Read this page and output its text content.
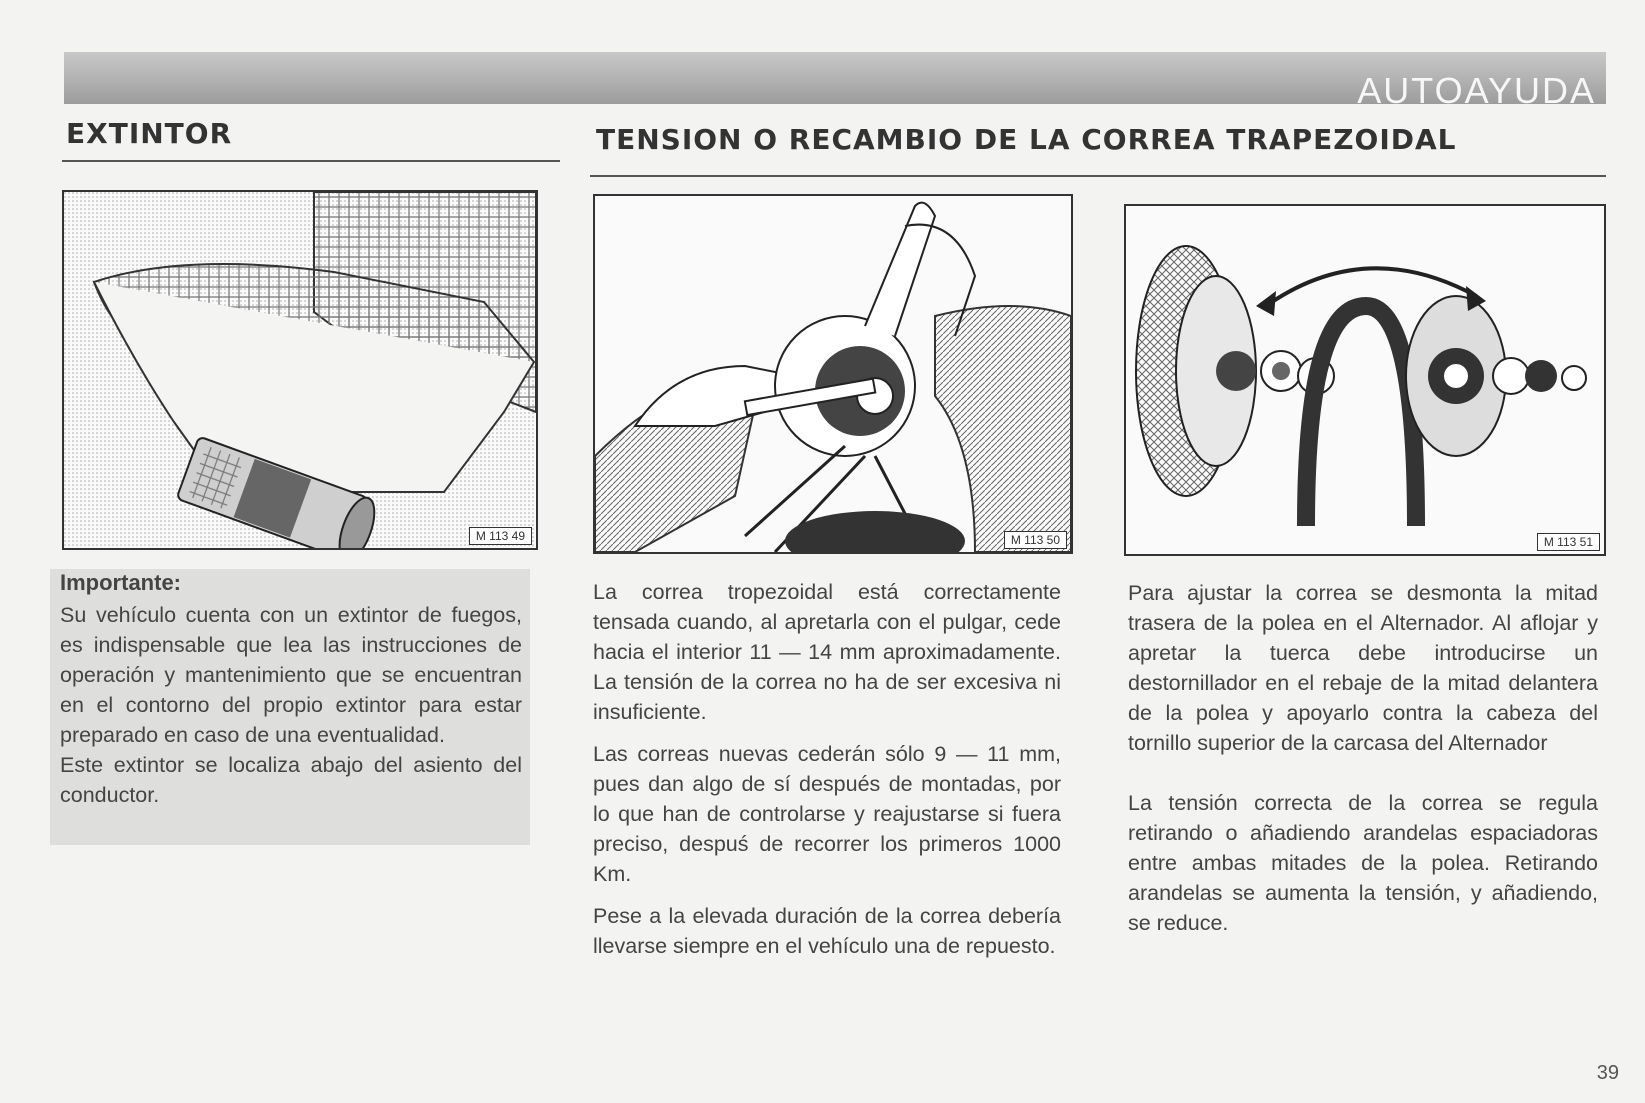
AUTOAYUDA
EXTINTOR	TENSION O RECAMBIO DE LA CORREA TRAPEZOIDAL
M 113 49	M 113 50	M 113 51
Importante:
Su vehículo cuenta con un extintor de fuegos, es indispensable que lea las instrucciones de operación y mantenimiento que se encuentran en el contorno del propio extintor para estar preparado en caso de una eventualidad.
Este extintor se localiza abajo del asiento del conductor.
La correa tropezoidal está correctamente tensada cuando, al apretarla con el pulgar, cede hacia el interior 11 — 14 mm aproximadamente. La tensión de la correa no ha de ser excesiva ni insuficiente.
Las correas nuevas cederán sólo 9 — 11 mm, pues dan algo de sí después de montadas, por lo que han de controlarse y reajustarse si fuera preciso, despuś de recorrer los primeros 1000 Km.
Pese a la elevada duración de la correa debería llevarse siempre en el vehículo una de repuesto.
Para ajustar la correa se desmonta la mitad trasera de la polea en el Alternador. Al aflojar y apretar la tuerca debe introducirse un destornillador en el rebaje de la mitad delantera de la polea y apoyarlo contra la cabeza del tornillo superior de la carcasa del Alternador
La tensión correcta de la correa se regula retirando o añadiendo arandelas espaciadoras entre ambas mitades de la polea. Retirando arandelas se aumenta la tensión, y añadiendo, se reduce.
39
